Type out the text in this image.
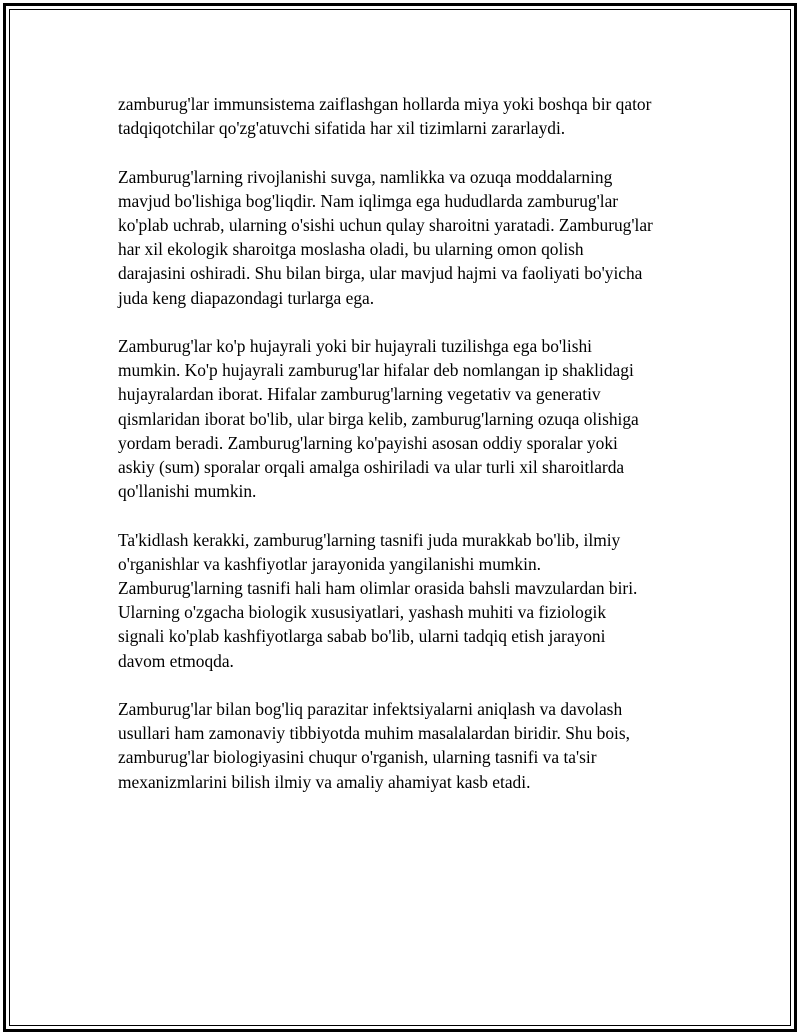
zamburug'lar immunsistema zaiflashgan hollarda miya yoki boshqa bir qator
tadqiqotchilar qo'zg'atuvchi sifatida har xil tizimlarni zararlaydi.

Zamburug'larning rivojlanishi suvga, namlikka va ozuqa moddalarning
mavjud bo'lishiga bog'liqdir. Nam iqlimga ega hududlarda zamburug'lar
ko'plab uchrab, ularning o'sishi uchun qulay sharoitni yaratadi. Zamburug'lar
har xil ekologik sharoitga moslasha oladi, bu ularning omon qolish
darajasini oshiradi. Shu bilan birga, ular mavjud hajmi va faoliyati bo'yicha
juda keng diapazondagi turlarga ega.

Zamburug'lar ko'p hujayrali yoki bir hujayrali tuzilishga ega bo'lishi
mumkin. Ko'p hujayrali zamburug'lar hifalar deb nomlangan ip shaklidagi
hujayralardan iborat. Hifalar zamburug'larning vegetativ va generativ
qismlaridan iborat bo'lib, ular birga kelib, zamburug'larning ozuqa olishiga
yordam beradi. Zamburug'larning ko'payishi asosan oddiy sporalar yoki
askiy (sum) sporalar orqali amalga oshiriladi va ular turli xil sharoitlarda
qo'llanishi mumkin.

Ta'kidlash kerakki, zamburug'larning tasnifi juda murakkab bo'lib, ilmiy
o'rganishlar va kashfiyotlar jarayonida yangilanishi mumkin.
Zamburug'larning tasnifi hali ham olimlar orasida bahsli mavzulardan biri.
Ularning o'zgacha biologik xususiyatlari, yashash muhiti va fiziologik
signali ko'plab kashfiyotlarga sabab bo'lib, ularni tadqiq etish jarayoni
davom etmoqda.

Zamburug'lar bilan bog'liq parazitar infektsiyalarni aniqlash va davolash
usullari ham zamonaviy tibbiyotda muhim masalalardan biridir. Shu bois,
zamburug'lar biologiyasini chuqur o'rganish, ularning tasnifi va ta'sir
mexanizmlarini bilish ilmiy va amaliy ahamiyat kasb etadi.
